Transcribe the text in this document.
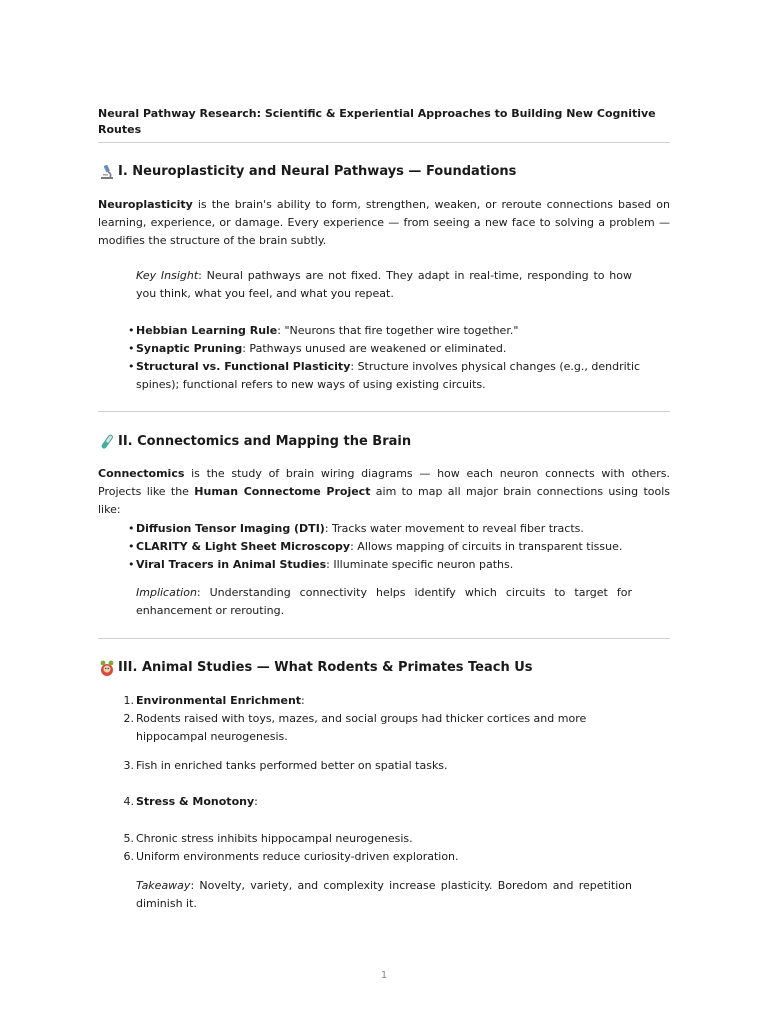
Neural Pathway Research: Scientific & Experiential Approaches to Building New Cognitive Routes
I. Neuroplasticity and Neural Pathways — Foundations
Neuroplasticity is the brain's ability to form, strengthen, weaken, or reroute connections based on learning, experience, or damage. Every experience — from seeing a new face to solving a problem — modifies the structure of the brain subtly.
Key Insight: Neural pathways are not fixed. They adapt in real-time, responding to how you think, what you feel, and what you repeat.
• Hebbian Learning Rule: "Neurons that fire together wire together."
• Synaptic Pruning: Pathways unused are weakened or eliminated.
• Structural vs. Functional Plasticity: Structure involves physical changes (e.g., dendritic spines); functional refers to new ways of using existing circuits.
II. Connectomics and Mapping the Brain
Connectomics is the study of brain wiring diagrams — how each neuron connects with others. Projects like the Human Connectome Project aim to map all major brain connections using tools like:
• Diffusion Tensor Imaging (DTI): Tracks water movement to reveal fiber tracts.
• CLARITY & Light Sheet Microscopy: Allows mapping of circuits in transparent tissue.
• Viral Tracers in Animal Studies: Illuminate specific neuron paths.
Implication: Understanding connectivity helps identify which circuits to target for enhancement or rerouting.
III. Animal Studies — What Rodents & Primates Teach Us
1. Environmental Enrichment:
2. Rodents raised with toys, mazes, and social groups had thicker cortices and more hippocampal neurogenesis.
3. Fish in enriched tanks performed better on spatial tasks.
4. Stress & Monotony:
5. Chronic stress inhibits hippocampal neurogenesis.
6. Uniform environments reduce curiosity-driven exploration.
Takeaway: Novelty, variety, and complexity increase plasticity. Boredom and repetition diminish it.
1
